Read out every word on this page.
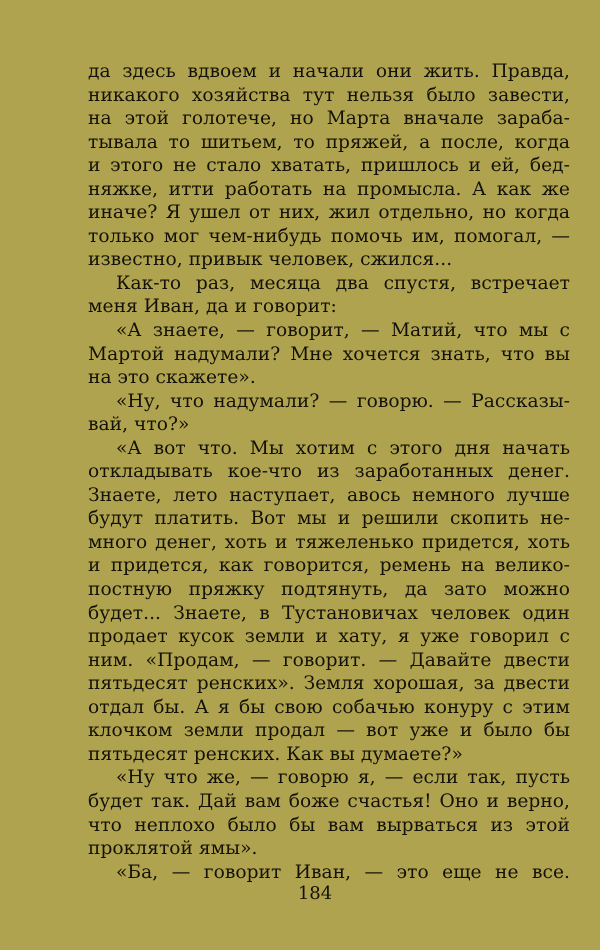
да здесь вдвоем и начали они жить. Правда,
никакого хозяйства тут нельзя было завести,
на этой голотече, но Марта вначале зараба-
тывала то шитьем, то пряжей, а после, когда
и этого не стало хватать, пришлось и ей, бед-
няжке, итти работать на промысла. А как же
иначе? Я ушел от них, жил отдельно, но когда
только мог чем-нибудь помочь им, помогал, —
известно, привык человек, сжился...
Как-то раз, месяца два спустя, встречает
меня Иван, да и говорит:
«А знаете, — говорит, — Матий, что мы с
Мартой надумали? Мне хочется знать, что вы
на это скажете».
«Ну, что надумали? — говорю. — Рассказы-
вай, что?»
«А вот что. Мы хотим с этого дня начать
откладывать кое-что из заработанных денег.
Знаете, лето наступает, авось немного лучше
будут платить. Вот мы и решили скопить не-
много денег, хоть и тяжеленько придется, хоть
и придется, как говорится, ремень на велико-
постную пряжку подтянуть, да зато можно
будет... Знаете, в Тустановичах человек один
продает кусок земли и хату, я уже говорил с
ним. «Продам, — говорит. — Давайте двести
пятьдесят ренских». Земля хорошая, за двести
отдал бы. А я бы свою собачью конуру с этим
клочком земли продал — вот уже и было бы
пятьдесят ренских. Как вы думаете?»
«Ну что же, — говорю я, — если так, пусть
будет так. Дай вам боже счастья! Оно и верно,
что неплохо было бы вам вырваться из этой
проклятой ямы».
«Ба, — говорит Иван, — это еще не все.
184
